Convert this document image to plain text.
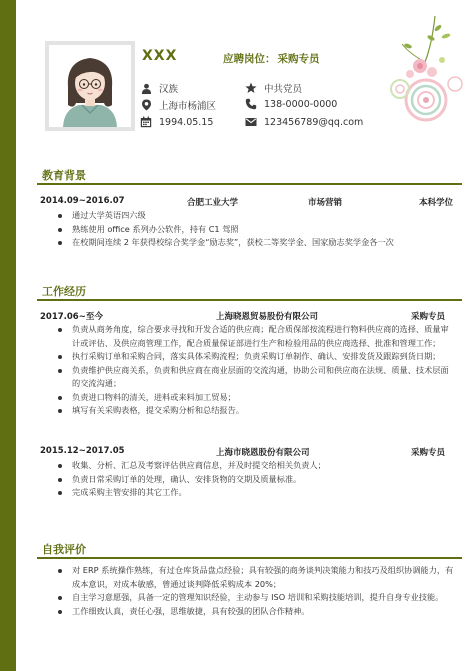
XXX	应聘岗位： 采购专员
汉族	中共党员
上海市杨浦区	138-0000-0000
1994.05.15	123456789@qq.com
教育背景
2014.09~2016.07	合肥工业大学	市场营销	本科学位
通过大学英语四六级
熟练使用 office 系列办公软件，持有 C1 驾照
在校期间连续 2 年获得校综合奖学金“励志奖”，获校二等奖学金、国家励志奖学金各一次
工作经历
2017.06~至今	上海晓恩贸易股份有限公司	采购专员
负责从商务角度，综合要求寻找和开发合适的供应商；配合质保部按流程进行物料供应商的选择、质量审计或评估、及供应商管理工作，配合质量保证部进行生产和检验用品的供应商选择、批准和管理工作；
执行采购订单和采购合同，落实具体采购流程；负责采购订单制作、确认、安排发货及跟踪到货日期；
负责维护供应商关系，负责和供应商在商业层面的交流沟通，协助公司和供应商在法规、质量、技术层面的交流沟通；
负责进口物料的清关，进料或来料加工贸易；
填写有关采购表格，提交采购分析和总结报告。
2015.12~2017.05	上海市晓恩股份有限公司	采购专员
收集、分析、汇总及考察评估供应商信息，并及时提交给相关负责人；
负责日常采购订单的处理，确认、安排货物的交期及质量标准。
完成采购主管安排的其它工作。
自我评价
对 ERP 系统操作熟练，有过仓库货品盘点经验；具有较强的商务谈判决策能力和技巧及组织协调能力，有成本意识，对成本敏感，曾通过谈判降低采购成本 20%；
自主学习意愿强，具备一定的管理知识经验，主动参与 ISO 培训和采购技能培训，提升自身专业技能。
工作细致认真，责任心强，思维敏捷，具有较强的团队合作精神。
